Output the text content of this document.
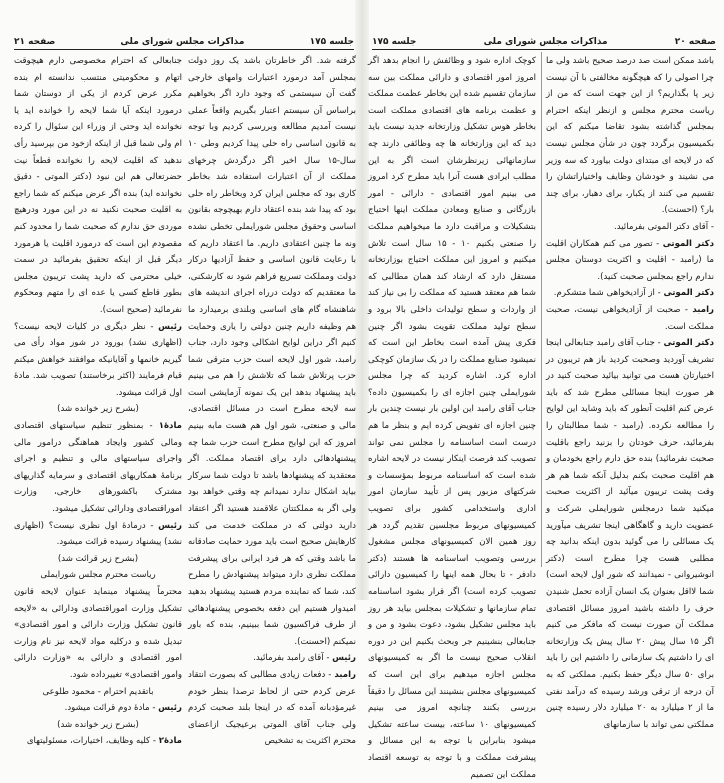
جلسه ۱۷۵
مذاکرات مجلس شورای ملی
صفحه ۲۱

گرفته شد. اگر خاطرتان باشد یک روز دولت بمجلس آمد درمورد اعتبارات وامهای خارجی گفت آن سیستمی که وجود دارد اگر بخواهیم براساس آن سیستم اعتبار بگیریم واقعاً عملی نیست آمدیم مطالعه وبررسی کردیم وبا توجه به قانون اساسی راه حلی پیدا کردیم وطی ۱۰ سال-۱۵ سال اخیر اگر درگردش چرخهای مملکت از آن اعتبارات استفاده شد بخاطر کاری بود که مجلس ایران کرد وبخاطر راه حلی بود که پیدا شد بنده اعتقاد دارم بهیچوجه بقانون اساسی وحقوق مجلس شورایملی تخطی نشده ونه ما چنین اعتقادی داریم. ما اعتقاد داریم که با رعایت قانون اساسی و حفظ آزادیها درکار دولت ومملکت تسریع فراهم شود نه کارشکنی، ما معتقدیم که دولت درراه اجرای اندیشه های شاهنشاه گام های اساسی وبلندی برمیدارد ما هم وظیفه داریم چنین دولتی را یاری وحمایت کنیم اگر دراین لوایح اشکالی وجود دارد، جناب رامبد، شور اول لایحه است حزب مترقی شما حزب پرتلاش شما که تلاشش را هم می بینیم باید پیشنهاد بدهد این یک نمونه آزمایشی است سه لایحه مطرح است در مسائل اقتصادی، مالی و صنعتی، شور اول هم هست مابه بینیم امروز که این لوایح مطرح است حزب شما چه پیشنهادهائی دارد برای اقتصاد مملکت. اگر معتقدید که پیشنهادها باشد تا دولت شما سرکار بیاید اشکال ندارد نمیدانم چه وقتی خواهد بود ولی اگر به مملکتتان علاقمند هستید اگر اعتقاد دارید دولتی که در مملکت خدمت می کند کارهایش صحیح است باید مورد حمایت صادقانه ما باشد وقتی که هر فرد ایرانی برای پیشرفت مملکت نظری دارد میتواند پیشنهادش را مطرح کند، شما که نماینده مردم هستید پیشنهاد بدهید امیدوار هستیم این دفعه بخصوص پیشنهادهائی از طرف فراکسیون شما ببینیم، بنده که باور نمیکنم (احسنت).

رئیس - آقای رامبد بفرمائید.

رامبد - دفعات زیادی مطالبی که بصورت انتقاد عرض کردم حتی از لحاظ ترصدا بنظر خودم غیرمؤدبانه آمده که در اینجا بلند صحبت کردم ولی جناب آقای الموتی برعیجیک ازاعضای محترم اکثریت به تشخیص

جنابعالی که احترام مخصوصی دارم هیچوقت اتهام و محکومیتی منتسب ندانسته ام بنده مکرر عرض کردم از یکی از دوستان شما درمورد اینکه آیا شما لایحه را خوانده اید یا نخوانده اید وحتی از وزراء این سئوال را کرده ام ولی شما قبل از اینکه ازخود من بپرسید رأی ندهید که اقلیت لایحه را نخوانده قطعاً نیت حضرتعالی هم این نبود (دکتر الموتی - دقیق نخوانده اید) بنده اگر عرض میکنم که شما راجع به اقلیت صحبت نکنید نه در این مورد ودرهیچ موردی حق ندارم که صحبت شما را محدود کنم مقصودم این است که درمورد اقلیت یا هرمورد دیگر قبل از اینکه تحقیق بفرمائید در سمت خیلی محترمی که دارید پشت تریبون مجلس بطور قاطع کسی یا عده ای را متهم ومحکوم نفرمائید (صحیح است).

رئیس - نظر دیگری در کلیات لایحه نیست؟ (اظهاری نشد) بورود در شور مواد رأی می گیریم خانمها و آقایانیکه موافقند خواهش میکنم قیام فرمایند (اکثر برخاستند) تصویب شد. مادهٔ اول قرائت میشود.

(بشرح زیر خوانده شد)

مادهٔ۱ - بمنظور تنظیم سیاستهای اقتصادی ومالی کشور وایجاد هماهنگی درامور مالی واجرای سیاستهای مالی و تنظیم و اجرای برنامهٔ همکاریهای اقتصادی و سرمایه گذاریهای مشترک باکشورهای خارجی، وزارت اموراقتصادی ودارائی تشکیل میشود.

رئیس - درمادهٔ اول نظری نیست؟ (اظهاری نشد) پیشنهاد رسیده قرائت میشود.

(بشرح زیر قرائت شد)

ریاست محترم مجلس شورایملی

محترماً پیشنهاد مینماید عنوان لایحه قانون تشکیل وزارت اموراقتصادی ودارائی به «لایحه قانون تشکیل وزارت دارائی و امور اقتصادی» تبدیل شده و درکلیه مواد لایحه نیز نام وزارت امور اقتصادی و دارائی به «وزارت دارائی وامور اقتصادی» تغییرداده شود.

باتقدیم احترام - محمود طلوعی

رئیس - مادهٔ دوم قرائت میشود.

(بشرح زیر خوانده شد)

مادهٔ۲ - کلیه وظایف، اختیارات، مسئولیتهای

صفحه ۲۰
مذاکرات مجلس شورای ملی
جلسه ۱۷۵

باشد ممکن است صد درصد صحیح باشد ولی ما چرا اصولی را که هیچگونه مخالفتی با آن نیست زیر پا بگذاریم؟ از این جهت است که من از ریاست محترم مجلس و ازنظر اینکه احترام بمجلس گذاشته بشود تقاضا میکنم که این بکمیسیون برگردد چون در شأن مجلس نیست که در لایحه ای مبتدای دولت بیاورد که سه وزیر می نشیند و خودشان وظایف واختیاراتشان را تقسیم می کنند از یکبار، برای دهبار، برای چند بار؟ (احسنت).

- آقای دکتر الموتی بفرمائید.

دکتر الموتی - تصور می کنم همکاران اقلیت ما (رامبد - اقلیت و اکثریت دوستان مجلس ندارم راجع بمجلس صحبت کنید).

دکتر الموتی - از آزادیخواهی شما متشکرم.

رامبد - صحبت از آزادیخواهی نیست، صحبت مملکت است.

دکتر الموتی - جناب آقای رامبد جنابعالی اینجا تشریف آوردید وصحبت کردید باز هم تریبون در اختیارتان هست می توانید بیائید صحبت کنید در هر صورت اینجا مسائلی مطرح شد که باید عرض کنم اقلیت آنطور که باید وشاید این لوایح را مطالعه نکرده. (رامبد - شما مطالبتان را بفرمائید، حرف خودتان را بزنید راجع باقلیت صحبت نفرمائید) بنده حق دارم راجع بخودمان و هم اقلیت صحبت بکنم بدلیل آنکه شما هم هر وقت پشت تریبون میآئید از اکثریت صحبت میکنید شما درمجلس شورایملی شرکت و عضویت دارید و گاهگاهی اینجا تشریف میآورید یک مسائلی را می گوئید بدون اینکه بدانید چه مطلبی هست چرا مطرح است (دکتر انوشیروانی - نمیدانند که شور اول لایحه است) شما لااقل بعنوان یک انسان آزاده تحمل شنیدن حرف را داشته باشید امروز مسائل اقتصادی مملکت آن صورت نیست که مافکر می کنیم اگر ۱۵ سال پیش ۲۰ سال پیش یک وزارتخانه ای را داشتیم یک سازمانی را داشتیم این را باید برای ۵۰ سال دیگر حفظ بکنیم. مملکتی که به آن درجه از ترقی ورشد رسیده که درآمد نفتی ما از ۲ میلیارد به ۲۰ میلیارد دلار رسیده چنین مملکتی نمی تواند با سازمانهای

کوچک اداره شود و وظائفش را انجام بدهد اگر امروز امور اقتصادی و دارائی مملکت بین سه سازمان تقسیم شده این بخاطر عظمت مملکت و عظمت برنامه های اقتصادی مملکت است بخاطر هوس تشکیل وزارتخانه جدید نیست باید دید که این وزارتخانه ها چه وظائفی دارند چه سازمانهائی زیرنظرشان است اگر به این مطلب ایرادی هست آنرا باید مطرح کرد امروز می بینیم امور اقتصادی - دارائی - امور بازرگانی و صنایع ومعادن مملکت اینها احتیاج بتشکیلات و مراقبت دارد ما میخواهیم مملکت را صنعتی بکنیم ۱۰ - ۱۵ سال است تلاش میکنیم و امروز این مملکت احتیاج بوزارتخانه مستقل دارد که ارشاد کند همان مطالبی که شما هم معتقد هستید که مملکت را بی نیاز کند از واردات و سطح تولیدات داخلی بالا برود و سطح تولید مملکت تقویت بشود اگر چنین فکری پیش آمده است بخاطر این است که نمیشود صنایع مملکت را در یک سازمان کوچکی اداره کرد. اشاره کردید که چرا مجلس شورایملی چنین اجازه ای را بکمیسیون داده؟ جناب آقای رامبد این اولین بار نیست چندین بار چنین اجازه ای تفویض کرده ایم و بنظر ما هم درست است اساسنامه را مجلس نمی تواند تصویب کند فرصت اینکار نیست در لایحه اشاره شده است که اساسنامه مربوط بمؤسسات و شرکتهای مزبور پس از تأیید سازمان امور اداری واستخدامی کشور برای تصویب کمیسیونهای مربوط مجلسین تقدیم گردد هر روز همین الان کمیسیونهای مجلس مشغول بررسی وتصویب اساسنامه ها هستند (دکتر دادفر - تا بحال همه اینها را کمیسیون دارائی تصویب کرده است) اگر قرار بشود اساسنامه تمام سازمانها و تشکیلات بمجلس بیاید هر روز باید مجلس تشکیل بشود، دعوت بشود و من و جنابعالی بنشینیم جر وبحث بکنیم این در دوره انقلاب صحیح نیست ما اگر به کمیسیونهای مجلس اجازه میدهیم برای این است که کمیسیونهای مجلس بنشینند این مسائل را دقیقاً بررسی بکنند چنانچه امروز می بینیم کمیسیونهای ۱۰ ساعته، بیست ساعته تشکیل میشود بنابراین با توجه به این مسائل و پیشرفت مملکت و با توجه به توسعه اقتصاد مملکت این تصمیم
